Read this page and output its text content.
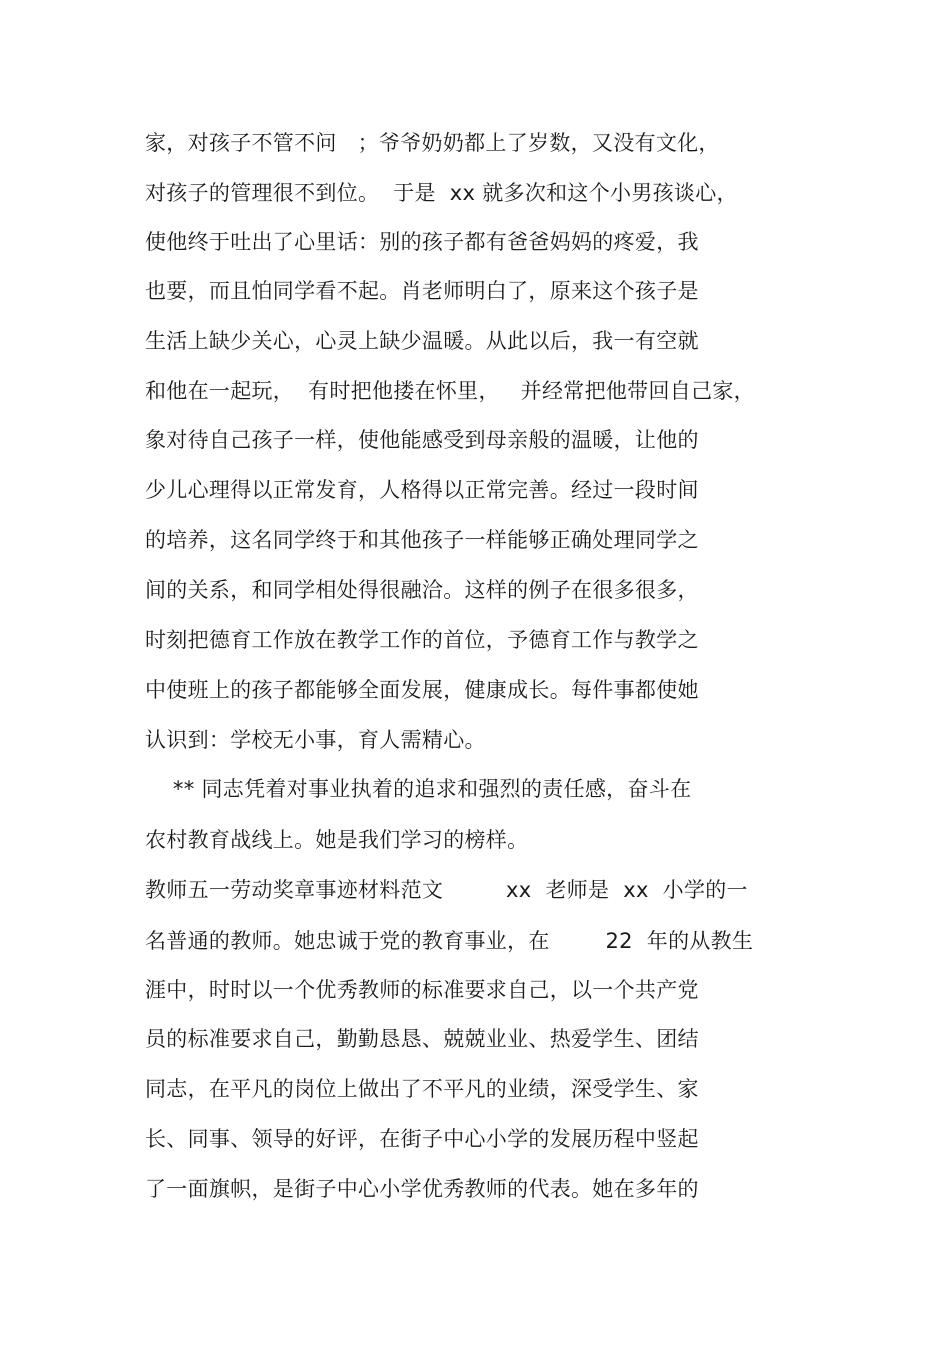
家，对孩子不管不问   ；爷爷奶奶都上了岁数，又没有文化，
对孩子的管理很不到位。  于是  xx 就多次和这个小男孩谈心，
使他终于吐出了心里话：别的孩子都有爸爸妈妈的疼爱，我
也要，而且怕同学看不起。肖老师明白了，原来这个孩子是
生活上缺少关心，心灵上缺少温暖。从此以后，我一有空就
和他在一起玩，  有时把他搂在怀里，   并经常把他带回自己家，
象对待自己孩子一样，使他能感受到母亲般的温暖，让他的
少儿心理得以正常发育，人格得以正常完善。经过一段时间
的培养，这名同学终于和其他孩子一样能够正确处理同学之
间的关系，和同学相处得很融洽。这样的例子在很多很多，
时刻把德育工作放在教学工作的首位，予德育工作与教学之
中使班上的孩子都能够全面发展，健康成长。每件事都使她
认识到：学校无小事，育人需精心。
** 同志凭着对事业执着的追求和强烈的责任感，奋斗在
农村教育战线上。她是我们学习的榜样。
教师五一劳动奖章事迹材料范文         xx  老师是  xx  小学的一
名普通的教师。她忠诚于党的教育事业，在        22  年的从教生
涯中，时时以一个优秀教师的标准要求自己，以一个共产党
员的标准要求自己，勤勤恳恳、兢兢业业、热爱学生、团结
同志，在平凡的岗位上做出了不平凡的业绩，深受学生、家
长、同事、领导的好评，在街子中心小学的发展历程中竖起
了一面旗帜，是街子中心小学优秀教师的代表。她在多年的
